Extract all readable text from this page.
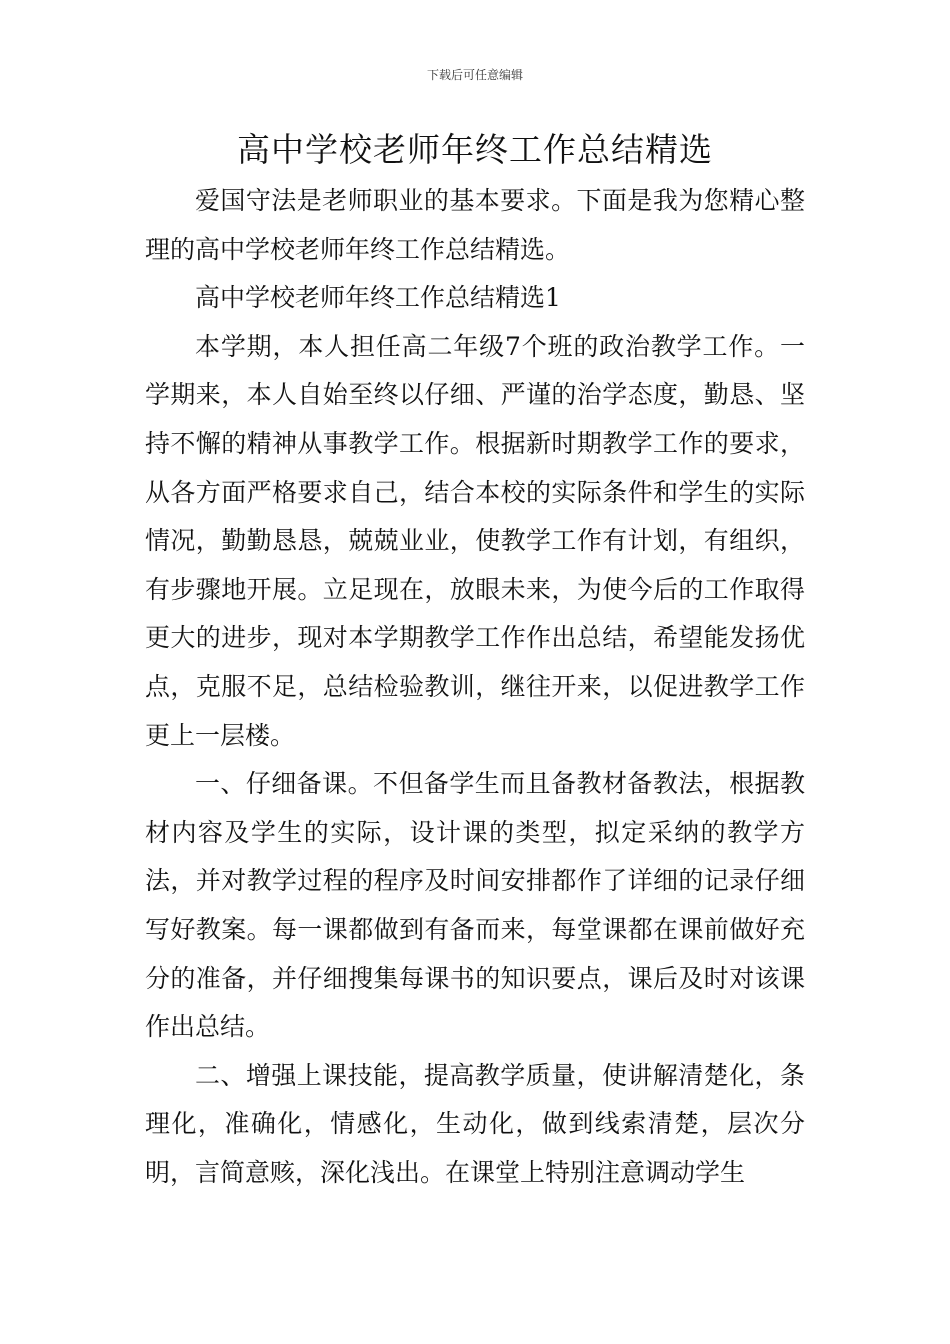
下载后可任意编辑
高中学校老师年终工作总结精选

爱国守法是老师职业的基本要求。下面是我为您精心整理的高中学校老师年终工作总结精选。

高中学校老师年终工作总结精选1

本学期，本人担任高二年级7个班的政治教学工作。一学期来，本人自始至终以仔细、严谨的治学态度，勤恳、坚持不懈的精神从事教学工作。根据新时期教学工作的要求，从各方面严格要求自己，结合本校的实际条件和学生的实际情况，勤勤恳恳，兢兢业业，使教学工作有计划，有组织，有步骤地开展。立足现在，放眼未来，为使今后的工作取得更大的进步，现对本学期教学工作作出总结，希望能发扬优点，克服不足，总结检验教训，继往开来，以促进教学工作更上一层楼。

一、仔细备课。不但备学生而且备教材备教法，根据教材内容及学生的实际，设计课的类型，拟定采纳的教学方法，并对教学过程的程序及时间安排都作了详细的记录仔细写好教案。每一课都做到有备而来，每堂课都在课前做好充分的准备，并仔细搜集每课书的知识要点，课后及时对该课作出总结。

二、增强上课技能，提高教学质量，使讲解清楚化，条理化，准确化，情感化，生动化，做到线索清楚，层次分明，言简意赅，深化浅出。在课堂上特别注意调动学生
